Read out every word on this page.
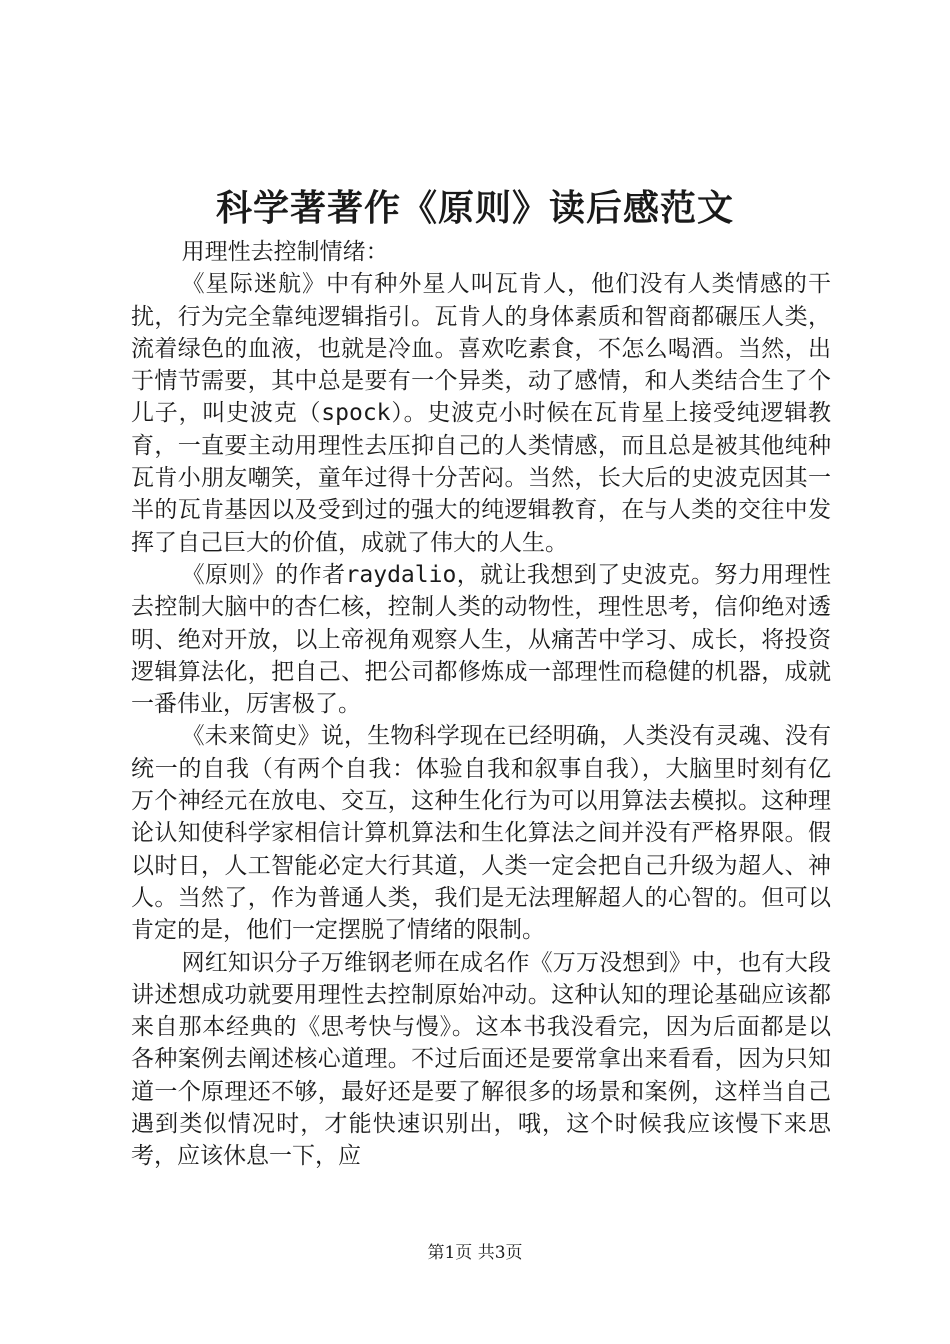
科学著著作《原则》读后感范文

用理性去控制情绪：

《星际迷航》中有种外星人叫瓦肯人，他们没有人类情感的干扰，行为完全靠纯逻辑指引。瓦肯人的身体素质和智商都碾压人类，流着绿色的血液，也就是冷血。喜欢吃素食，不怎么喝酒。当然，出于情节需要，其中总是要有一个异类，动了感情，和人类结合生了个儿子，叫史波克（spock）。史波克小时候在瓦肯星上接受纯逻辑教育，一直要主动用理性去压抑自己的人类情感，而且总是被其他纯种瓦肯小朋友嘲笑，童年过得十分苦闷。当然，长大后的史波克因其一半的瓦肯基因以及受到过的强大的纯逻辑教育，在与人类的交往中发挥了自己巨大的价值，成就了伟大的人生。

《原则》的作者raydalio，就让我想到了史波克。努力用理性去控制大脑中的杏仁核，控制人类的动物性，理性思考，信仰绝对透明、绝对开放，以上帝视角观察人生，从痛苦中学习、成长，将投资逻辑算法化，把自己、把公司都修炼成一部理性而稳健的机器，成就一番伟业，厉害极了。

《未来简史》说，生物科学现在已经明确，人类没有灵魂、没有统一的自我（有两个自我：体验自我和叙事自我），大脑里时刻有亿万个神经元在放电、交互，这种生化行为可以用算法去模拟。这种理论认知使科学家相信计算机算法和生化算法之间并没有严格界限。假以时日，人工智能必定大行其道，人类一定会把自己升级为超人、神人。当然了，作为普通人类，我们是无法理解超人的心智的。但可以肯定的是，他们一定摆脱了情绪的限制。

网红知识分子万维钢老师在成名作《万万没想到》中，也有大段讲述想成功就要用理性去控制原始冲动。这种认知的理论基础应该都来自那本经典的《思考快与慢》。这本书我没看完，因为后面都是以各种案例去阐述核心道理。不过后面还是要常拿出来看看，因为只知道一个原理还不够，最好还是要了解很多的场景和案例，这样当自己遇到类似情况时，才能快速识别出，哦，这个时候我应该慢下来思考，应该休息一下，应

第1页 共3页
